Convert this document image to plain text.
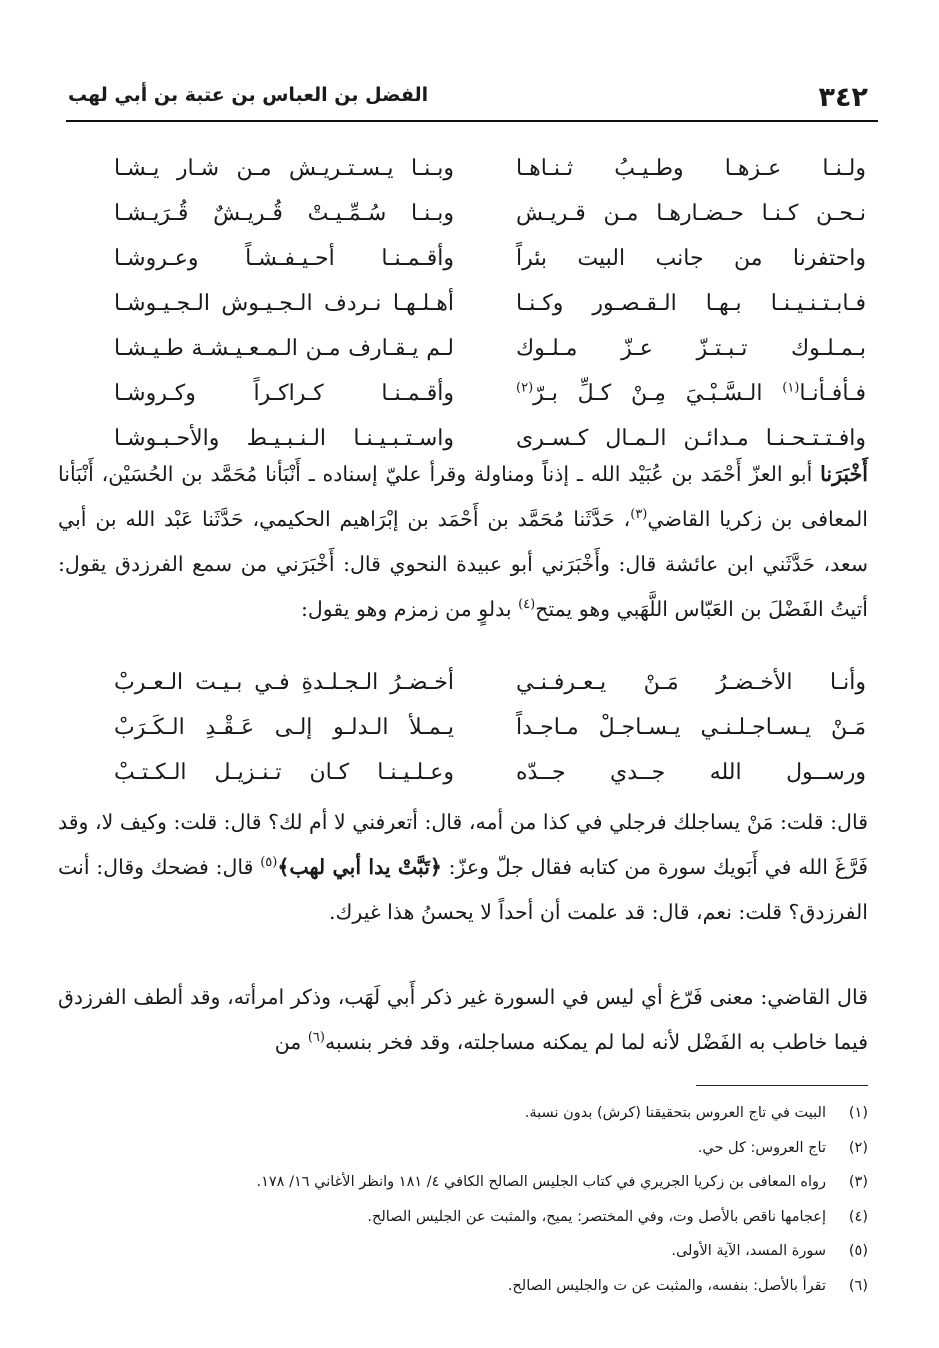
٣٤٢
الفضل بن العباس بن عتبة بن أبي لهب
ولـنـا عـزهـا وطـيـبُ ثـنـاهـا
وبـنـا يـسـتـريـش مـن شـار يـشـا
نـحـن كـنـا حـضـارهـا مـن قـريـش
وبـنـا سُـمِّـيـتْ قُـريـشٌ قُـرَيـشـا
واحتفرنا من جانب البيت بئراً
وأقـمـنـا أحـيـفـشـاً وعـروشـا
فـابـتـنـيـنـا بـهـا الـقـصـور وكـنـا
أهـلـهـا نـردف الـجـيـوش الـجـيـوشـا
بـمـلـوك تـبـتـزّ عـزّ مـلـوك
لـم يـقـارف مـن الـمـعـيـشـة طـيـشـا
فـأفـأنـا$^{(١)}$ الـسَّـبْـيَ مِـنْ كـلِّ بـرّ$^{(٢)}$
وأقـمـنـا كـراكـراً وكـروشـا
وافـتـتـحـنـا مـدائـن الـمـال كـسـرى
واسـتـبـيـنـا الـنـبـيـط والأحـبـوشـا

أَخْبَرَنا أبو العزّ أَحْمَد بن عُبَيْد الله ـ إذناً ومناولة وقرأ عليّ إسناده ـ أَنْبَأنا مُحَمَّد بن الحُسَيْن، أَنْبَأنا المعافى بن زكريا القاضي$^{(٣)}$، حَدَّثَنا مُحَمَّد بن أَحْمَد بن إبْرَاهيم الحكيمي، حَدَّثَنا عَبْد الله بن أبي سعد، حَدَّثَني ابن عائشة قال: وأَخْبَرَني أبو عبيدة النحوي قال: أَخْبَرَني من سمع الفرزدق يقول: أتيتُ الفَضْلَ بن العَبّاس اللَّهَبي وهو يمتح$^{(٤)}$ بدلوٍ من زمزم وهو يقول:

وأنـا الأخـضـرُ مَـنْ يـعـرفـنـي
أخـضـرُ الـجـلـدةِ فـي بـيـت الـعـربْ
مَـنْ يـسـاجـلـنـي يـسـاجـلْ مـاجـداً
يـمـلأ الـدلـو إلـى عَـقْـدِ الـكَـرَبْ
ورســول الله جــدي جــدّه
وعـلـيـنـا كـان تـنـزيـل الـكـتـبْ

قال: قلت: مَنْ يساجلك فرجلي في كذا من أمه، قال: أتعرفني لا أم لك؟ قال: قلت: وكيف لا، وقد فَرَّغَ الله في أَبَويك سورة من كتابه فقال جلّ وعزّ: ﴿تَبَّتْ يدا أبي لهب﴾$^{(٥)}$ قال: فضحك وقال: أنت الفرزدق؟ قلت: نعم، قال: قد علمت أن أحداً لا يحسنُ هذا غيرك.

قال القاضي: معنى فَرّغ أي ليس في السورة غير ذكر أَبي لَهَب، وذكر امرأته، وقد ألطف الفرزدق فيما خاطب به الفَضْل لأنه لما لم يمكنه مساجلته، وقد فخر بنسبه$^{(٦)}$ من

(١)البيت في تاج العروس بتحقيقنا (كرش) بدون نسبة.
(٢)تاج العروس: كل حي.
(٣)رواه المعافى بن زكريا الجريري في كتاب الجليس الصالح الكافي ٤/ ١٨١ وانظر الأغاني ١٦/ ١٧٨.
(٤)إعجامها ناقص بالأصل وت، وفي المختصر: يميح، والمثبت عن الجليس الصالح.
(٥)سورة المسد، الآية الأولى.
(٦)تقرأ بالأصل: بنفسه، والمثبت عن ت والجليس الصالح.
